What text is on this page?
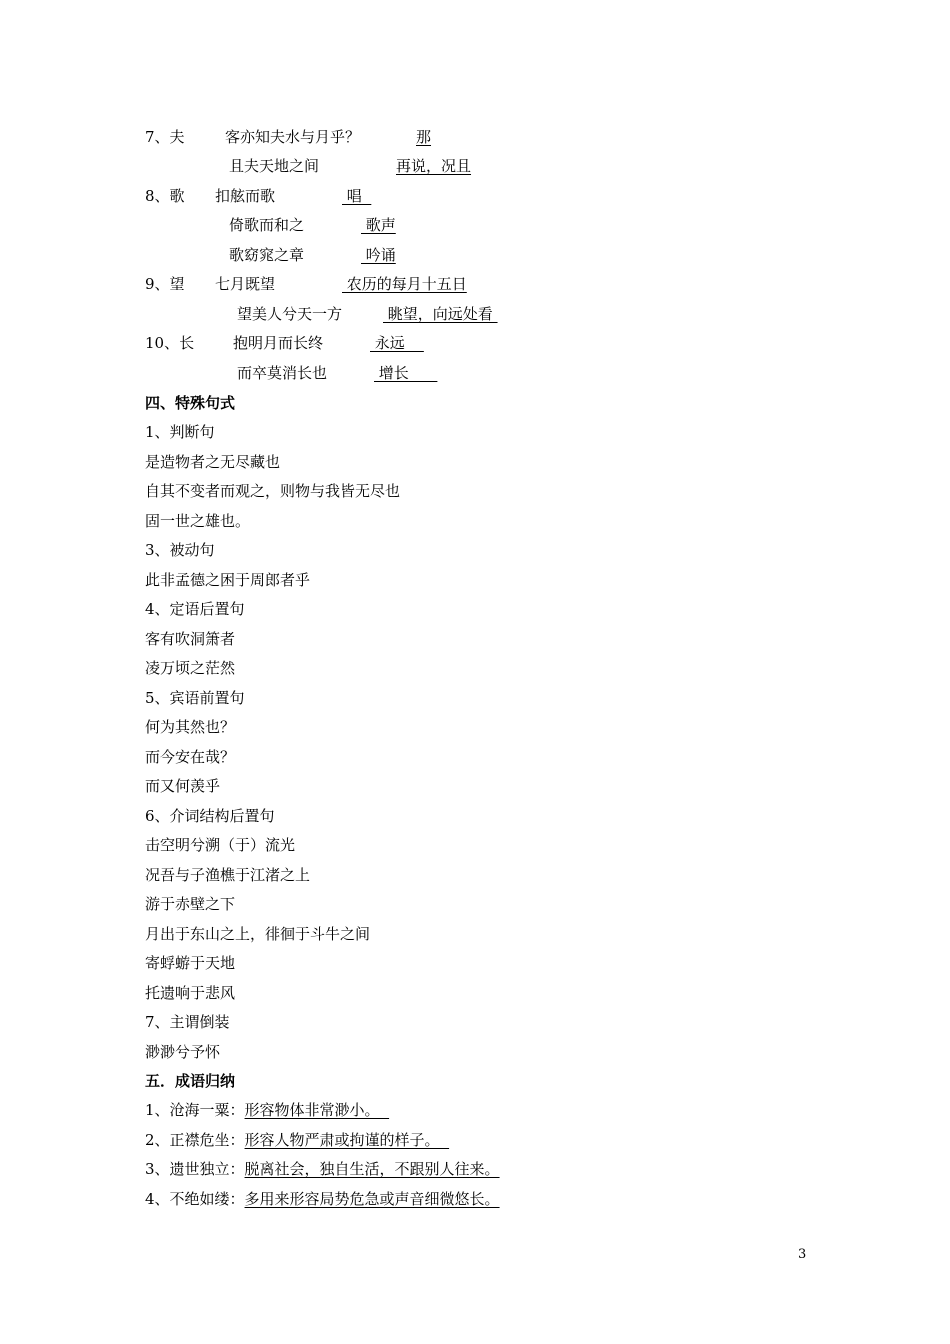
7、夫	客亦知夫水与月乎？	那
且夫天地之间	再说，况且
8、歌 扣舷而歌	唱
倚歌而和之	歌声
歌窈窕之章	吟诵
9、望 七月既望	农历的每月十五日
望美人兮天一方	眺望，向远处看
10、长	抱明月而长终	永远
而卒莫消长也	增长
四、特殊句式
1、判断句
是造物者之无尽藏也
自其不变者而观之，则物与我皆无尽也
固一世之雄也。
3、被动句
此非孟德之困于周郎者乎
4、定语后置句
客有吹洞箫者
凌万顷之茫然
5、宾语前置句
何为其然也？
而今安在哉？
而又何羡乎
6、介词结构后置句
击空明兮溯（于）流光
况吾与子渔樵于江渚之上
游于赤壁之下
月出于东山之上，徘徊于斗牛之间
寄蜉蝣于天地
托遗响于悲风
7、主谓倒装
渺渺兮予怀
五．成语归纳
1、沧海一粟：形容物体非常渺小。
2、正襟危坐：形容人物严肃或拘谨的样子。
3、遗世独立：脱离社会，独自生活，不跟别人往来。
4、不绝如缕：多用来形容局势危急或声音细微悠长。
3
